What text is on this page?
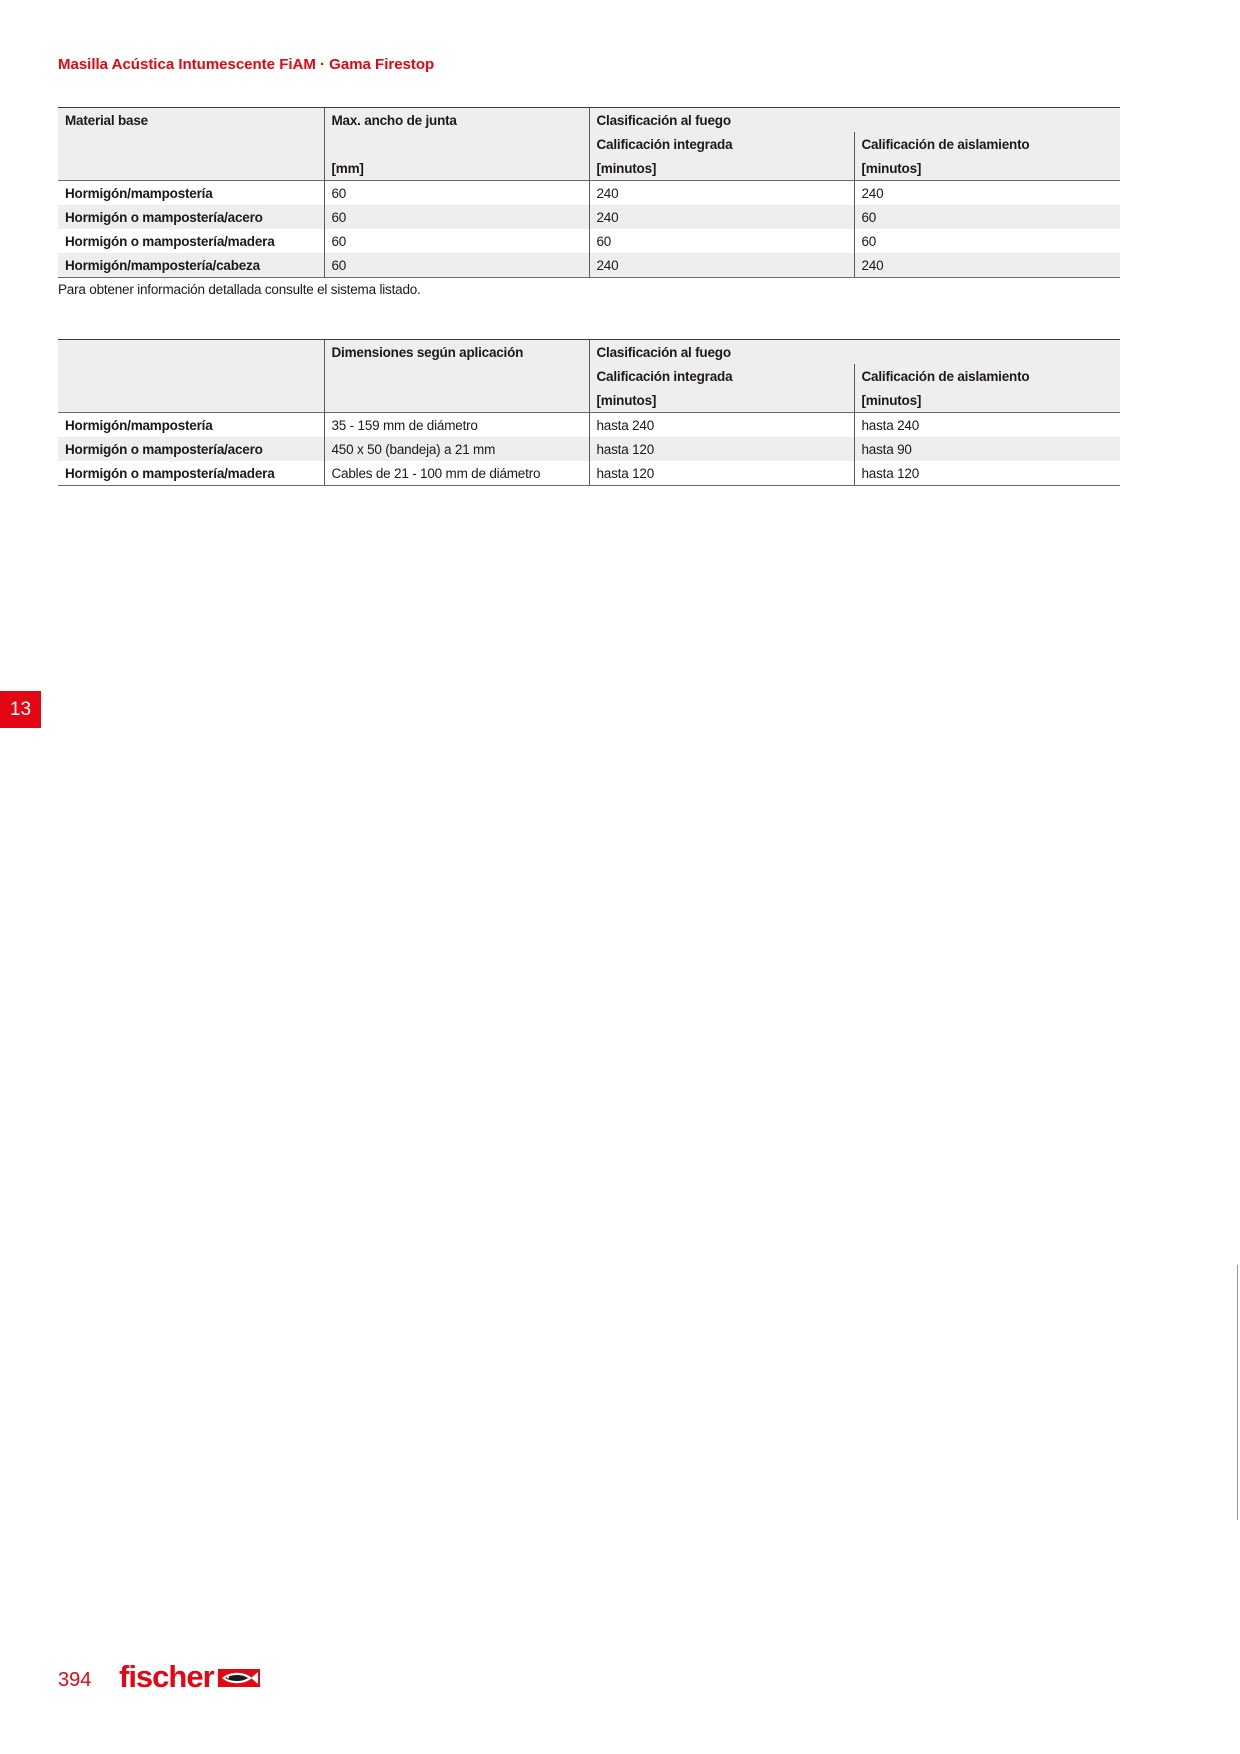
Masilla Acústica Intumescente FiAM · Gama Firestop
Material base	Max. ancho de junta	Clasificación al fuego	
		Calificación integrada	Calificación de aislamiento
	[mm]	[minutos]	[minutos]
Hormigón/mampostería	60	240	240
Hormigón o mampostería/acero	60	240	60
Hormigón o mampostería/madera	60	60	60
Hormigón/mampostería/cabeza	60	240	240
Para obtener información detallada consulte el sistema listado.
	Dimensiones según aplicación	Clasificación al fuego	
		Calificación integrada	Calificación de aislamiento
		[minutos]	[minutos]
Hormigón/mampostería	35 - 159 mm de diámetro	hasta 240	hasta 240
Hormigón o mampostería/acero	450 x 50 (bandeja) a 21 mm	hasta 120	hasta 90
Hormigón o mampostería/madera	Cables de 21 - 100 mm de diámetro	hasta 120	hasta 120
13
394 fischer
